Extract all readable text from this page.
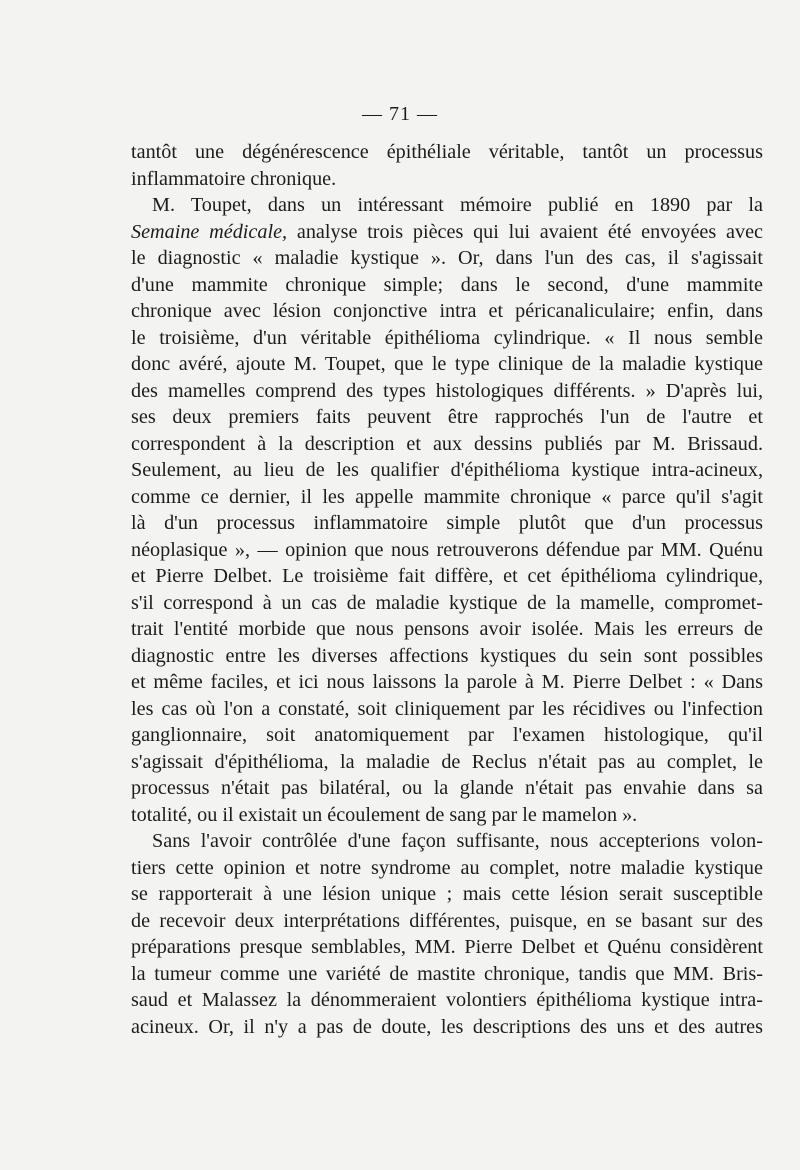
— 71 —
tantôt une dégénérescence épithéliale véritable, tantôt un processus
inflammatoire chronique.
M. Toupet, dans un intéressant mémoire publié en 1890 par la
Semaine médicale, analyse trois pièces qui lui avaient été envoyées avec
le diagnostic « maladie kystique ». Or, dans l'un des cas, il s'agissait
d'une mammite chronique simple; dans le second, d'une mammite
chronique avec lésion conjonctive intra et péricanaliculaire; enfin, dans
le troisième, d'un véritable épithélioma cylindrique. « Il nous semble
donc avéré, ajoute M. Toupet, que le type clinique de la maladie kystique
des mamelles comprend des types histologiques différents. » D'après lui,
ses deux premiers faits peuvent être rapprochés l'un de l'autre et
correspondent à la description et aux dessins publiés par M. Brissaud.
Seulement, au lieu de les qualifier d'épithélioma kystique intra-acineux,
comme ce dernier, il les appelle mammite chronique « parce qu'il s'agit
là d'un processus inflammatoire simple plutôt que d'un processus
néoplasique », — opinion que nous retrouverons défendue par MM. Quénu
et Pierre Delbet. Le troisième fait diffère, et cet épithélioma cylindrique,
s'il correspond à un cas de maladie kystique de la mamelle, compromet-
trait l'entité morbide que nous pensons avoir isolée. Mais les erreurs de
diagnostic entre les diverses affections kystiques du sein sont possibles
et même faciles, et ici nous laissons la parole à M. Pierre Delbet : « Dans
les cas où l'on a constaté, soit cliniquement par les récidives ou l'infection
ganglionnaire, soit anatomiquement par l'examen histologique, qu'il
s'agissait d'épithélioma, la maladie de Reclus n'était pas au complet, le
processus n'était pas bilatéral, ou la glande n'était pas envahie dans sa
totalité, ou il existait un écoulement de sang par le mamelon ».
Sans l'avoir contrôlée d'une façon suffisante, nous accepterions volon-
tiers cette opinion et notre syndrome au complet, notre maladie kystique
se rapporterait à une lésion unique ; mais cette lésion serait susceptible
de recevoir deux interprétations différentes, puisque, en se basant sur des
préparations presque semblables, MM. Pierre Delbet et Quénu considèrent
la tumeur comme une variété de mastite chronique, tandis que MM. Bris-
saud et Malassez la dénommeraient volontiers épithélioma kystique intra-
acineux. Or, il n'y a pas de doute, les descriptions des uns et des autres
